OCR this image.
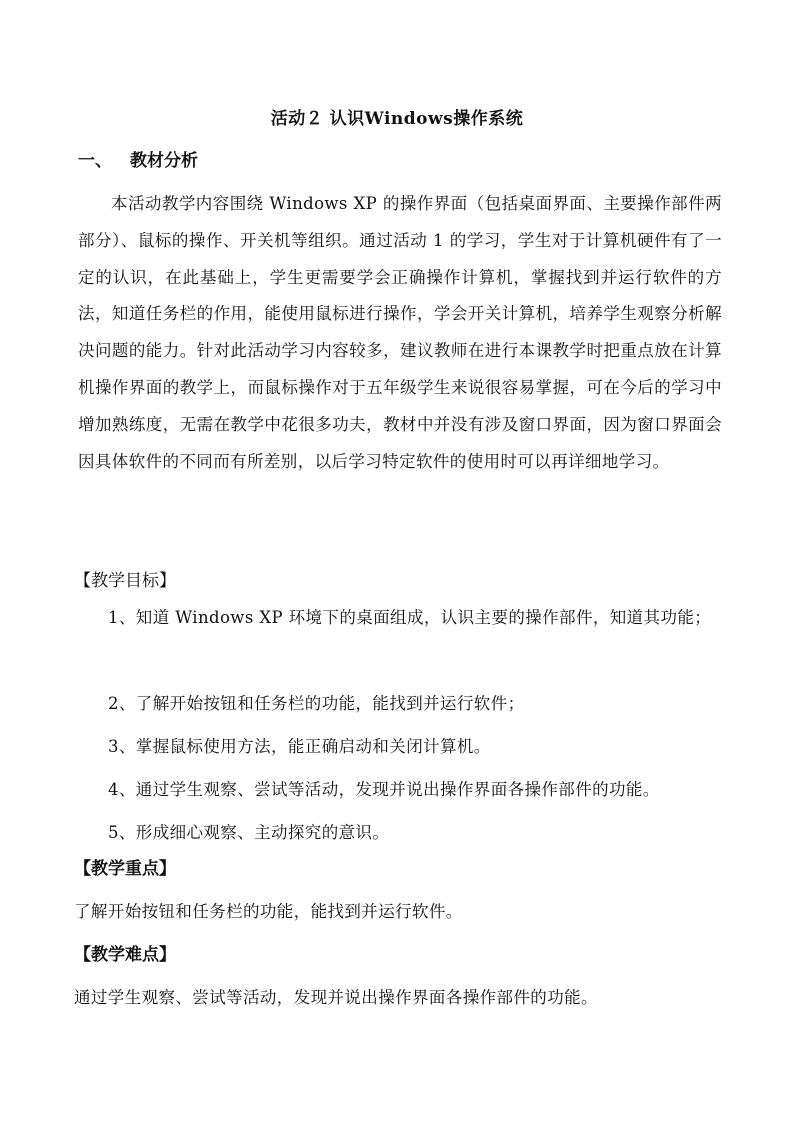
活动２ 认识Windows操作系统
一、 教材分析
本活动教学内容围绕 Windows XP 的操作界面（包括桌面界面、主要操作部件两部分）、鼠标的操作、开关机等组织。通过活动 1 的学习，学生对于计算机硬件有了一定的认识，在此基础上，学生更需要学会正确操作计算机，掌握找到并运行软件的方法，知道任务栏的作用，能使用鼠标进行操作，学会开关计算机，培养学生观察分析解决问题的能力。针对此活动学习内容较多，建议教师在进行本课教学时把重点放在计算机操作界面的教学上，而鼠标操作对于五年级学生来说很容易掌握，可在今后的学习中增加熟练度，无需在教学中花很多功夫，教材中并没有涉及窗口界面，因为窗口界面会因具体软件的不同而有所差别，以后学习特定软件的使用时可以再详细地学习。
【教学目标】
1、知道 Windows XP 环境下的桌面组成，认识主要的操作部件，知道其功能；
2、了解开始按钮和任务栏的功能，能找到并运行软件；
3、掌握鼠标使用方法，能正确启动和关闭计算机。
4、通过学生观察、尝试等活动，发现并说出操作界面各操作部件的功能。
5、形成细心观察、主动探究的意识。
【教学重点】
了解开始按钮和任务栏的功能，能找到并运行软件。
【教学难点】
通过学生观察、尝试等活动，发现并说出操作界面各操作部件的功能。
